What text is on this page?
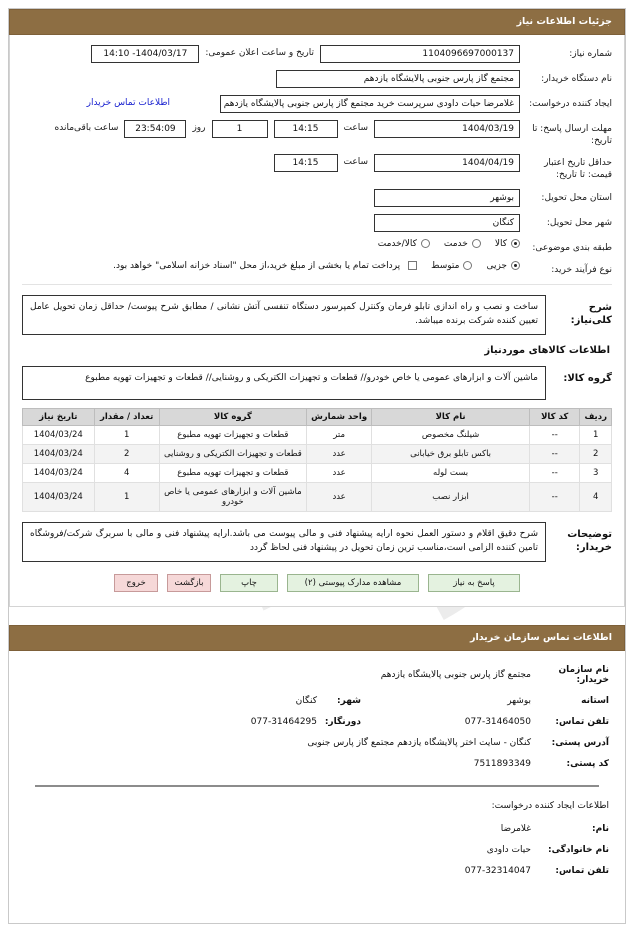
جزئیات اطلاعات نیاز
شماره نیاز:
1104096697000137
تاریخ و ساعت اعلان عمومی:
1404/03/17- 14:10
نام دستگاه خریدار:
مجتمع گاز پارس جنوبی پالایشگاه یازدهم
ایجاد کننده درخواست:
غلامرضا حیات داودی سرپرست خرید مجتمع گاز پارس جنوبی پالایشگاه یازدهم
اطلاعات تماس خریدار
مهلت ارسال پاسخ: تا تاریخ:
1404/03/19
ساعت
14:15
1
روز
23:54:09
ساعت باقی‌مانده
حداقل تاریخ اعتبار قیمت: تا تاریخ:
1404/04/19
ساعت
14:15
استان محل تحویل:
بوشهر
شهر محل تحویل:
کنگان
طبقه بندی موضوعی:
کالا
خدمت
کالا/خدمت
نوع فرآیند خرید:
جزیی
متوسط
پرداخت تمام یا بخشی از مبلغ خرید،از محل "اسناد خزانه اسلامی" خواهد بود.
شرح کلی‌نیاز:
ساخت و نصب و راه اندازی تابلو فرمان وکنترل کمپرسور دستگاه تنفسی آتش نشانی / مطابق شرح پیوست/ حداقل زمان تحویل عامل تعیین کننده شرکت برنده میباشد.
اطلاعات کالاهای موردنیاز
گروه کالا:
ماشین آلات و ابزارهای عمومی یا خاص خودرو// قطعات و تجهیزات الکتریکی و روشنایی// قطعات و تجهیزات تهویه مطبوع
ردیف	کد کالا	نام کالا	واحد شمارش	گروه کالا	تعداد / مقدار	تاریخ نیاز
1	--	شیلنگ مخصوص	متر	قطعات و تجهیزات تهویه مطبوع	1	1404/03/24
2	--	باکس تابلو برق خیابانی	عدد	قطعات و تجهیزات الکتریکی و روشنایی	2	1404/03/24
3	--	بست لوله	عدد	قطعات و تجهیزات تهویه مطبوع	4	1404/03/24
4	--	ابزار نصب	عدد	ماشین آلات و ابزارهای عمومی یا خاص خودرو	1	1404/03/24
توضیحات خریدار:
شرح دقیق اقلام و دستور العمل نحوه ارایه پیشنهاد فنی و مالی پیوست می باشد.ارایه پیشنهاد فنی و مالی با سربرگ شرکت/فروشگاه تامین کننده الزامی است،مناسب ترین زمان تحویل در پیشنهاد فنی لحاظ گردد
پاسخ به نیاز
مشاهده مدارک پیوستی (۲)
چاپ
بازگشت
خروج
اطلاعات تماس سازمان خریدار
نام سازمان خریدار:
مجتمع گاز پارس جنوبی پالایشگاه یازدهم
استانه
بوشهر
شهر:
کنگان
تلفن تماس:
077-31464050
دورنگار:
077-31464295
آدرس پستی:
کنگان - سایت اختر پالایشگاه یازدهم مجتمع گاز پارس جنوبی
کد پستی:
7511893349
اطلاعات ایجاد کننده درخواست:
نام:
غلامرضا
نام خانوادگی:
حیات داودی
تلفن تماس:
077-32314047
